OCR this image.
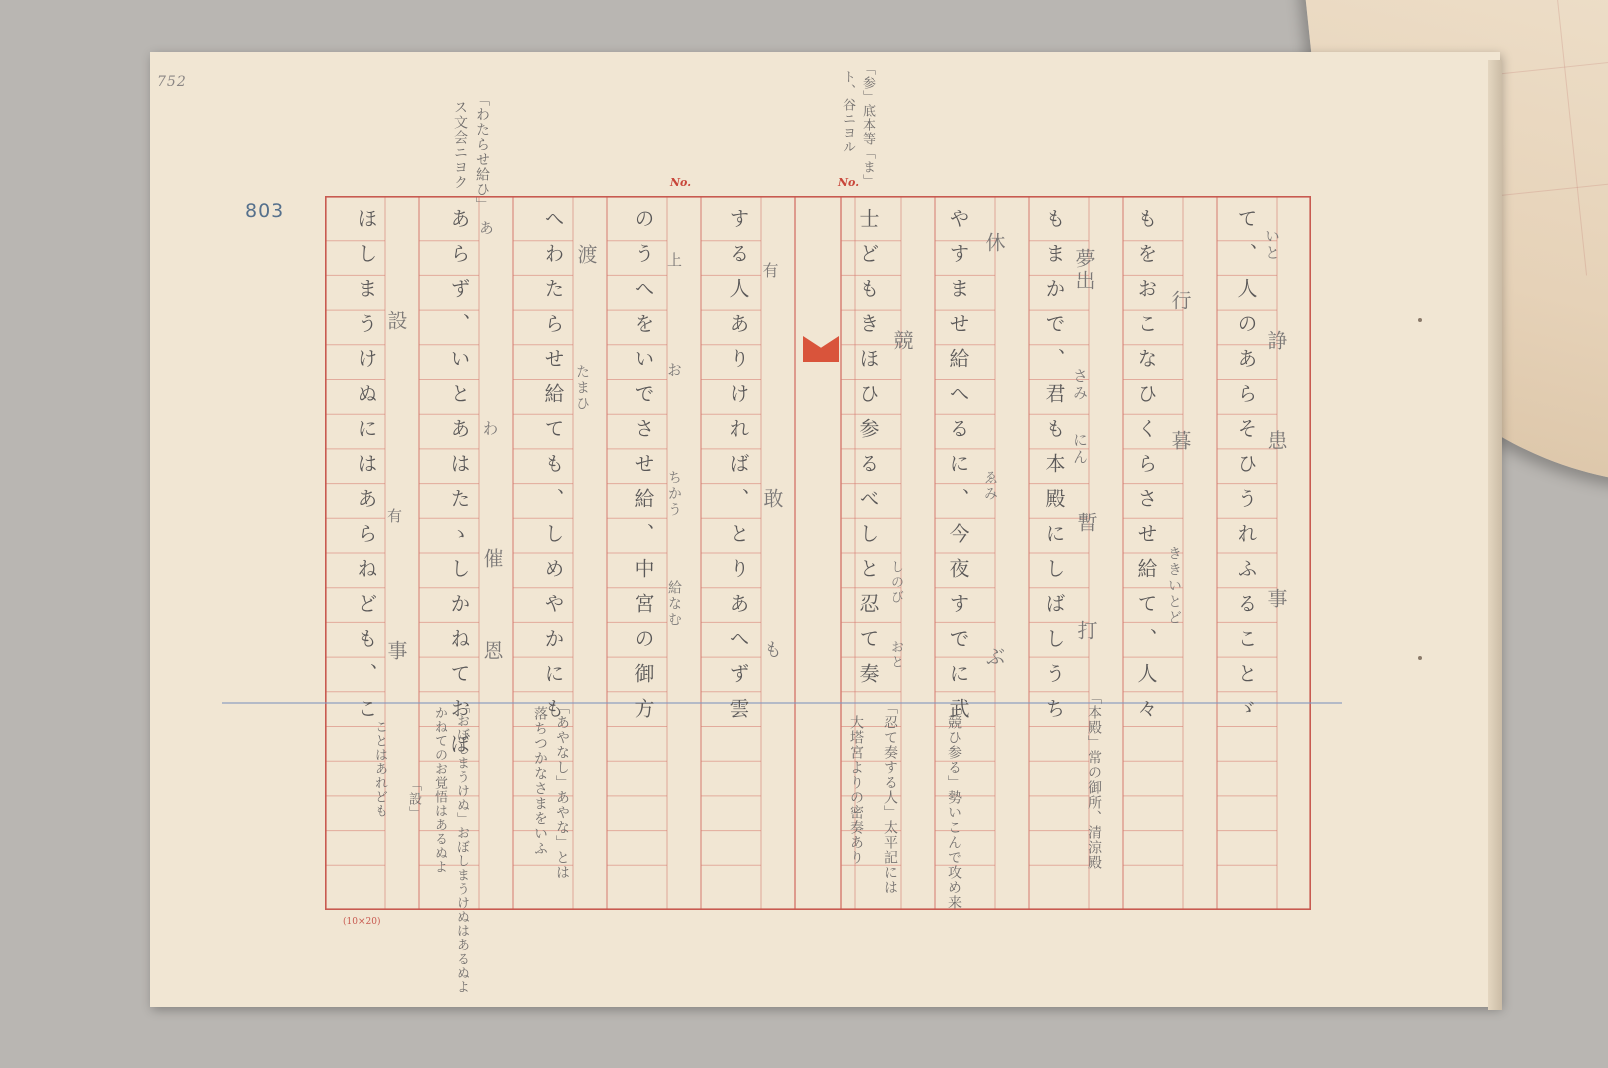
752
803
No.	No.
(10×20)
「参」底本等「ま」
ト、谷ニヨル
「わたらせ給ひ」
ス文会ニヨク
て、人のあらそひうれふることゞ
もをおこなひくらさせ給て、人々
もまかで、君も本殿にしばしうち
やすませ給へるに、今夜すでに武
士どもきほひ参るべしと忍て奏
する人ありければ、とりあへず雲
のうへをいでさせ給、中宮の御方
へわたらせ給ても、しめやかにも
あらず、いとあはたゝしかねておぼ
ほしまうけぬにはあらねども、こ	いと
諍
患
事
行
暮
ききいとど
夢出
さみ
にん
暫
打
休
ぶ
ゑみ
競
しのび
おと
有
敢
も
上
お
ちかう
給なむ
渡
たまひ
あ
わ
催
恩
設
有
事
「本殿」常の御所、清涼殿
「競ひ参る」勢いこんで攻め来
「忍て奏する人」太平記には
大塔宮よりの密奏あり
「あやなし」あやな」とは
落ちつかなさまをいふ
「おぼしまうけぬ」おぼしまうけぬはあるぬよ
かねてのお覚悟はあるぬよ
ことはあれども 「設」
